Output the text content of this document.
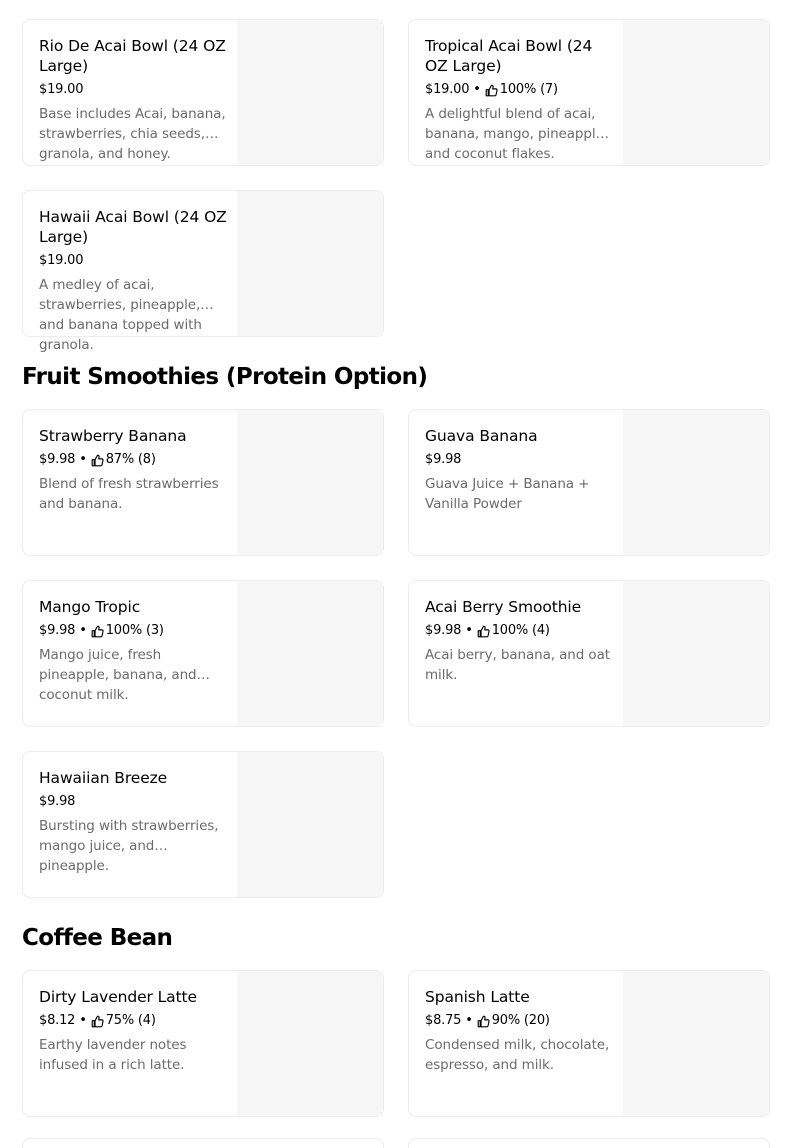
Rio De Acai Bowl (24 OZ Large)
$19.00
Base includes Acai, banana, strawberries, chia seeds, granola, and honey.
Tropical Acai Bowl (24 OZ Large)
$19.00 • 100% (7)
A delightful blend of acai, banana, mango, pineapple, and coconut flakes.
Hawaii Acai Bowl (24 OZ Large)
$19.00
A medley of acai, strawberries, pineapple, and banana topped with granola.
Fruit Smoothies (Protein Option)
Strawberry Banana
$9.98 • 87% (8)
Blend of fresh strawberries and banana.
Guava Banana
$9.98
Guava Juice + Banana + Vanilla Powder
Mango Tropic
$9.98 • 100% (3)
Mango juice, fresh pineapple, banana, and coconut milk.
Acai Berry Smoothie
$9.98 • 100% (4)
Acai berry, banana, and oat milk.
Hawaiian Breeze
$9.98
Bursting with strawberries, mango juice, and pineapple.
Coffee Bean
Dirty Lavender Latte
$8.12 • 75% (4)
Earthy lavender notes infused in a rich latte.
Spanish Latte
$8.75 • 90% (20)
Condensed milk, chocolate, espresso, and milk.
